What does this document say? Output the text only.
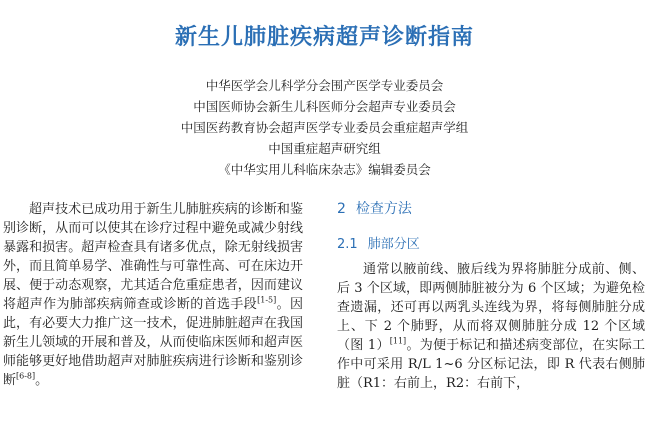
新生儿肺脏疾病超声诊断指南
中华医学会儿科学分会围产医学专业委员会
中国医师协会新生儿科医师分会超声专业委员会
中国医药教育协会超声医学专业委员会重症超声学组
中国重症超声研究组
《中华实用儿科临床杂志》编辑委员会

超声技术已成功用于新生儿肺脏疾病的诊断和鉴别诊断，从而可以使其在诊疗过程中避免或减少射线暴露和损害。超声检查具有诸多优点，除无射线损害外，而且简单易学、准确性与可靠性高、可在床边开展、便于动态观察，尤其适合危重症患者，因而建议将超声作为肺部疾病筛查或诊断的首选手段[1-5]。因此，有必要大力推广这一技术，促进肺脏超声在我国新生儿领域的开展和普及，从而使临床医师和超声医师能够更好地借助超声对肺脏疾病进行诊断和鉴别诊断[6-8]。

2 检查方法
2.1 肺部分区

通常以腋前线、腋后线为界将肺脏分成前、侧、后 3 个区域，即两侧肺脏被分为 6 个区域；为避免检查遗漏，还可再以两乳头连线为界，将每侧肺脏分成上、下 2 个肺野，从而将双侧肺脏分成 12 个区域（图 1）[11]。为便于标记和描述病变部位，在实际工作中可采用 R/L 1~6 分区标记法，即 R 代表右侧肺脏（R1：右前上，R2：右前下，
